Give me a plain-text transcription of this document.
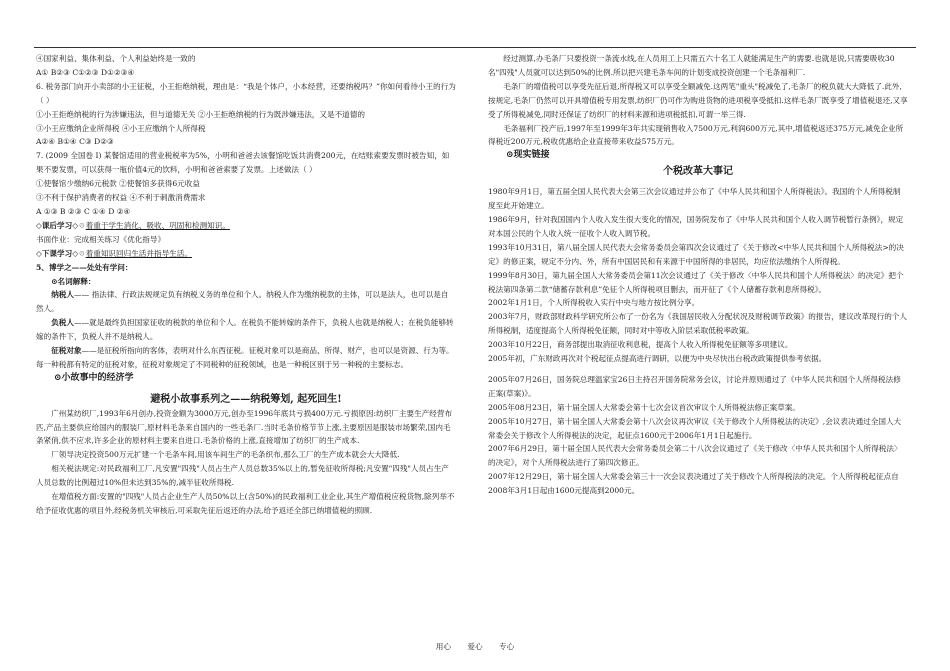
④国家利益、集体利益、个人利益始终是一致的

A① B②③ C①②③ D①②③④

6. 税务部门向开小卖部的小王征税，小王拒绝纳税，理由是：“我是个体户，小本经营，还要纳税吗？”你如何看待小王的行为（ ）

①小王拒绝纳税的行为涉嫌违法，但与道德无关 ②小王拒绝纳税的行为既涉嫌违法，又是不道德的

③小王应缴纳企业所得税 ④小王应缴纳个人所得税

A②④ B①④ C③ D②③

7. (2009 全国卷 I) 某餐馆适用的营业税税率为5%，小明和爸爸去该餐馆吃饭共消费200元，在结账索要发票时被告知，如果不要发票，可以获得一瓶价值4元的饮料，小明和爸爸索要了发票。上述做法（ ）

①使餐馆少缴纳6元税款 ②使餐馆多获得6元收益

③不利于保护消费者的权益 ④不利于刺激消费需求

A ①③ B ②③ C ①④ D ②④

◇课后学习◇☉着重于学生消化、吸收、巩固和检测知识。

书面作业：完成相关练习《优化指导》

◇下课学习◇☉着重知识回归生活并指导生活。

5、博学之——处处有学问：

⊙名词解释：

纳税人—— 指法律、行政法规规定负有纳税义务的单位和个人。纳税人作为缴纳税款的主体，可以是法人，也可以是自然人。

负税人——就是最终负担国家征收的税款的单位和个人。在税负不能转嫁的条件下，负税人也就是纳税人；在税负能够转嫁的条件下，负税人并不是纳税人。

征税对象——是征税所指向的客体，表明对什么东西征税。征税对象可以是商品、所得、财产，也可以是资源、行为等。每一种税都有特定的征税对象，征税对象规定了不同税种的征税领域，也是一种税区别于另一种税的主要标志。

⊙小故事中的经济学

避税小故事系列之——纳税筹划, 起死回生!

广州某纺织厂,1993年6月创办,投资金额为3000万元,创办至1996年底共亏损400万元.亏损原因:纺织厂主要生产经营布匹,产品主要供应给国内的服装厂,原材料毛条来自国内的一些毛条厂.当时毛条价格节节上涨,主要原因是服装市场繁荣,国内毛条紧俏,供不应求,许多企业的原材料主要来自进口.毛条价格的上涨,直接增加了纺织厂的生产成本.

厂领导决定投资500万元扩建一个毛条车间,用该车间生产的毛条织布,那么工厂的生产成本就会大大降低.

相关税法规定:对民政福利工厂,凡安置"四残"人员占生产人员总数35%以上的,暂免征收所得税;凡安置"四残"人员占生产人员总数的比例超过10%但未达到35%的,减半征收所得税.

在增值税方面:安置的"四残"人员占企业生产人员50%以上(含50%)的民政福利工业企业,其生产增值税应税货物,除列举不给予征收优惠的项目外,经税务机关审核后,可采取先征后返还的办法,给予返还全部已纳增值税的照顾.

经过测算,办毛条厂只要投资一条流水线,在人员用工上只需五六十名工人就能满足生产的需要.也就是说,只需要吸收30名"四残"人员就可以达到50%的比例.所以把兴建毛条车间的计划变成投资创建一个毛条福利厂.

毛条厂的增值税可以享受先征后退,所得税又可以享受全额减免.这两笔"重头"税减免了,毛条厂的税负就大大降低了.此外,按规定,毛条厂仍然可以开具增值税专用发票,纺织厂仍可作为购进货物的进项税享受抵扣.这样毛条厂既享受了增值税退还,又享受了所得税减免,同时还保证了纺织厂的材料来源和进项税抵扣,可谓一举三得.

毛条福利厂投产后,1997年至1999年3年共实现销售收入7500万元,利润600万元,其中,增值税返还375万元,减免企业所得税近200万元,税收优惠给企业直接带来收益575万元。

⊙现实链接

个税改革大事记

1980年9月1日，第五届全国人民代表大会第三次会议通过并公布了《中华人民共和国个人所得税法》。我国的个人所得税制度至此开始建立。

1986年9月，针对我国国内个人收入发生很大变化的情况，国务院发布了《中华人民共和国个人收入调节税暂行条例》，规定对本国公民的个人收入统一征收个人收入调节税。

1993年10月31日，第八届全国人民代表大会常务委员会第四次会议通过了《关于修改<中华人民共和国个人所得税法>的决定》的修正案，规定不分内、外，所有中国居民和有来源于中国所得的非居民，均应依法缴纳个人所得税。

1999年8月30日，第九届全国人大常务委员会第11次会议通过了《关于修改〈中华人民共和国个人所得税法〉的决定》把个税法第四条第二款“储蓄存款利息”免征个人所得税项目删去，而开征了《个人储蓄存款利息所得税》。

2002年1月1日，个人所得税收入实行中央与地方按比例分享。

2003年7月，财政部财政科学研究所公布了一份名为《我国居民收入分配状况及财税调节政策》的报告，建议改革现行的个人所得税制，适度提高个人所得税免征额，同时对中等收入阶层采取低税率政策。

2003年10月22日，商务部提出取消征收利息税，提高个人收入所得税免征额等多项建议。

2005年初，广东财政再次对个税起征点提高进行调研，以便为中央尽快出台税改政策提供参考依据。

2005年07月26日，国务院总理温家宝26日主持召开国务院常务会议，讨论并原则通过了《中华人民共和国个人所得税法修正案(草案)》。

2005年08月23日，第十届全国人大常委会第十七次会议首次审议个人所得税法修正案草案。

2005年10月27日，第十届全国人大常委会第十八次会议再次审议《关于修改个人所得税法的决定》,会议表决通过全国人大常委会关于修改个人所得税法的决定，起征点1600元于2006年1月1日起施行。

2007年6月29日，第十届全国人民代表大会常务委员会第二十八次会议通过了《关于修改〈中华人民共和国个人所得税法〉的决定》，对个人所得税法进行了第四次修正。

2007年12月29日，第十届全国人大常委会第三十一次会议表决通过了关于修改个人所得税法的决定。个人所得税起征点自2008年3月1日起由1600元提高到2000元。

用心 爱心 专心
